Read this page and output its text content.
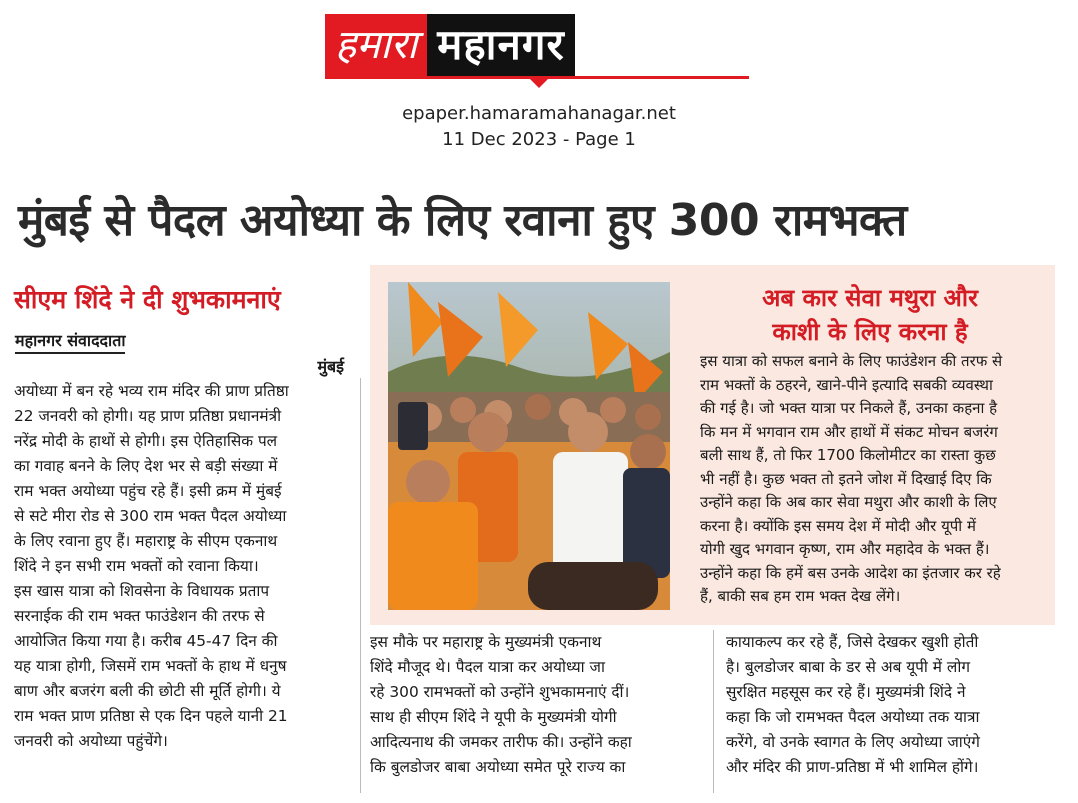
हमारा महानगर
epaper.hamaramahanagar.net
11 Dec 2023 - Page 1
मुंबई से पैदल अयोध्या के लिए रवाना हुए 300 रामभक्त
सीएम शिंदे ने दी शुभकामनाएं
महानगर संवाददाता
मुंबई
अयोध्या में बन रहे भव्य राम मंदिर की प्राण प्रतिष्ठा
22 जनवरी को होगी। यह प्राण प्रतिष्ठा प्रधानमंत्री
नरेंद्र मोदी के हाथों से होगी। इस ऐतिहासिक पल
का गवाह बनने के लिए देश भर से बड़ी संख्या में
राम भक्त अयोध्या पहुंच रहे हैं। इसी क्रम में मुंबई
से सटे मीरा रोड से 300 राम भक्त पैदल अयोध्या
के लिए रवाना हुए हैं। महाराष्ट्र के सीएम एकनाथ
शिंदे ने इन सभी राम भक्तों को रवाना किया।
इस खास यात्रा को शिवसेना के विधायक प्रताप
सरनाईक की राम भक्त फाउंडेशन की तरफ से
आयोजित किया गया है। करीब 45-47 दिन की
यह यात्रा होगी, जिसमें राम भक्तों के हाथ में धनुष
बाण और बजरंग बली की छोटी सी मूर्ति होगी। ये
राम भक्त प्राण प्रतिष्ठा से एक दिन पहले यानी 21
जनवरी को अयोध्या पहुंचेंगे।
अब कार सेवा मथुरा और
काशी के लिए करना है
इस यात्रा को सफल बनाने के लिए फाउंडेशन की तरफ से
राम भक्तों के ठहरने, खाने-पीने इत्यादि सबकी व्यवस्था
की गई है। जो भक्त यात्रा पर निकले हैं, उनका कहना है
कि मन में भगवान राम और हाथों में संकट मोचन बजरंग
बली साथ हैं, तो फिर 1700 किलोमीटर का रास्ता कुछ
भी नहीं है। कुछ भक्त तो इतने जोश में दिखाई दिए कि
उन्होंने कहा कि अब कार सेवा मथुरा और काशी के लिए
करना है। क्योंकि इस समय देश में मोदी और यूपी में
योगी खुद भगवान कृष्ण, राम और महादेव के भक्त हैं।
उन्होंने कहा कि हमें बस उनके आदेश का इंतजार कर रहे
हैं, बाकी सब हम राम भक्त देख लेंगे।
इस मौके पर महाराष्ट्र के मुख्यमंत्री एकनाथ
शिंदे मौजूद थे। पैदल यात्रा कर अयोध्या जा
रहे 300 रामभक्तों को उन्होंने शुभकामनाएं दीं।
साथ ही सीएम शिंदे ने यूपी के मुख्यमंत्री योगी
आदित्यनाथ की जमकर तारीफ की। उन्होंने कहा
कि बुलडोजर बाबा अयोध्या समेत पूरे राज्य का
कायाकल्प कर रहे हैं, जिसे देखकर खुशी होती
है। बुलडोजर बाबा के डर से अब यूपी में लोग
सुरक्षित महसूस कर रहे हैं। मुख्यमंत्री शिंदे ने
कहा कि जो रामभक्त पैदल अयोध्या तक यात्रा
करेंगे, वो उनके स्वागत के लिए अयोध्या जाएंगे
और मंदिर की प्राण-प्रतिष्ठा में भी शामिल होंगे।
